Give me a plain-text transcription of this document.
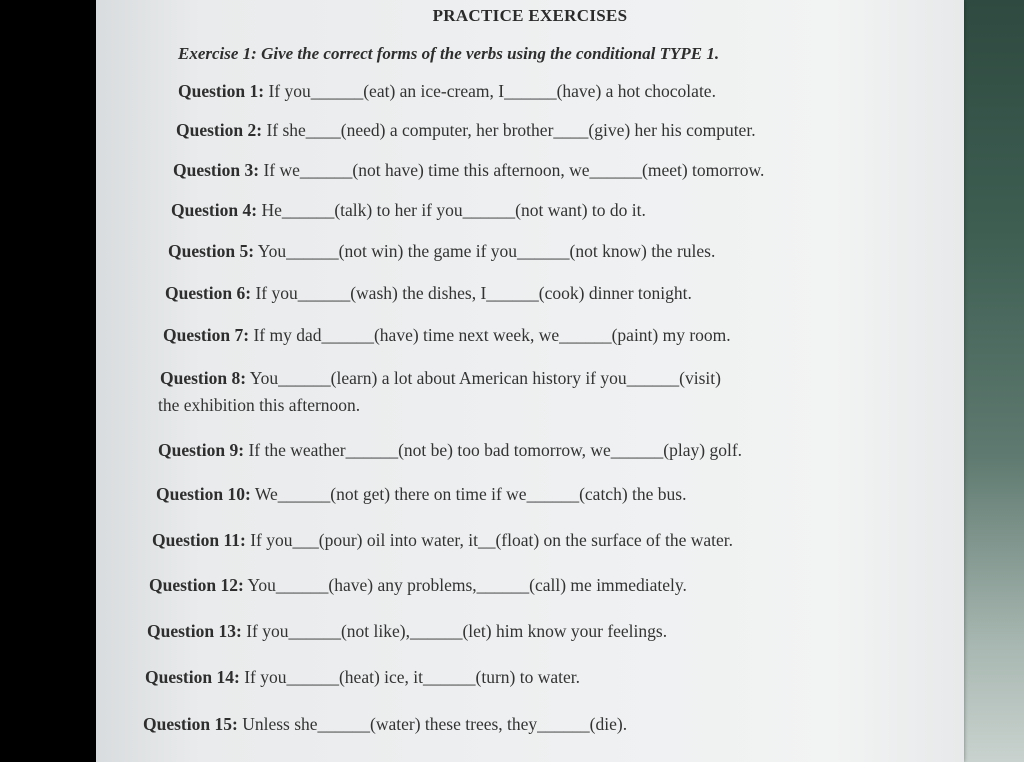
PRACTICE EXERCISES
Exercise 1: Give the correct forms of the verbs using the conditional TYPE 1.
Question 1: If you______(eat) an ice-cream, I______(have) a hot chocolate.
Question 2: If she____(need) a computer, her brother____(give) her his computer.
Question 3: If we______(not have) time this afternoon, we______(meet) tomorrow.
Question 4: He______(talk) to her if you______(not want) to do it.
Question 5: You______(not win) the game if you______(not know) the rules.
Question 6: If you______(wash) the dishes, I______(cook) dinner tonight.
Question 7: If my dad______(have) time next week, we______(paint) my room.
Question 8: You______(learn) a lot about American history if you______(visit)
the exhibition this afternoon.
Question 9: If the weather______(not be) too bad tomorrow, we______(play) golf.
Question 10: We______(not get) there on time if we______(catch) the bus.
Question 11: If you___(pour) oil into water, it__(float) on the surface of the water.
Question 12: You______(have) any problems,______(call) me immediately.
Question 13: If you______(not like),______(let) him know your feelings.
Question 14: If you______(heat) ice, it______(turn) to water.
Question 15: Unless she______(water) these trees, they______(die).
